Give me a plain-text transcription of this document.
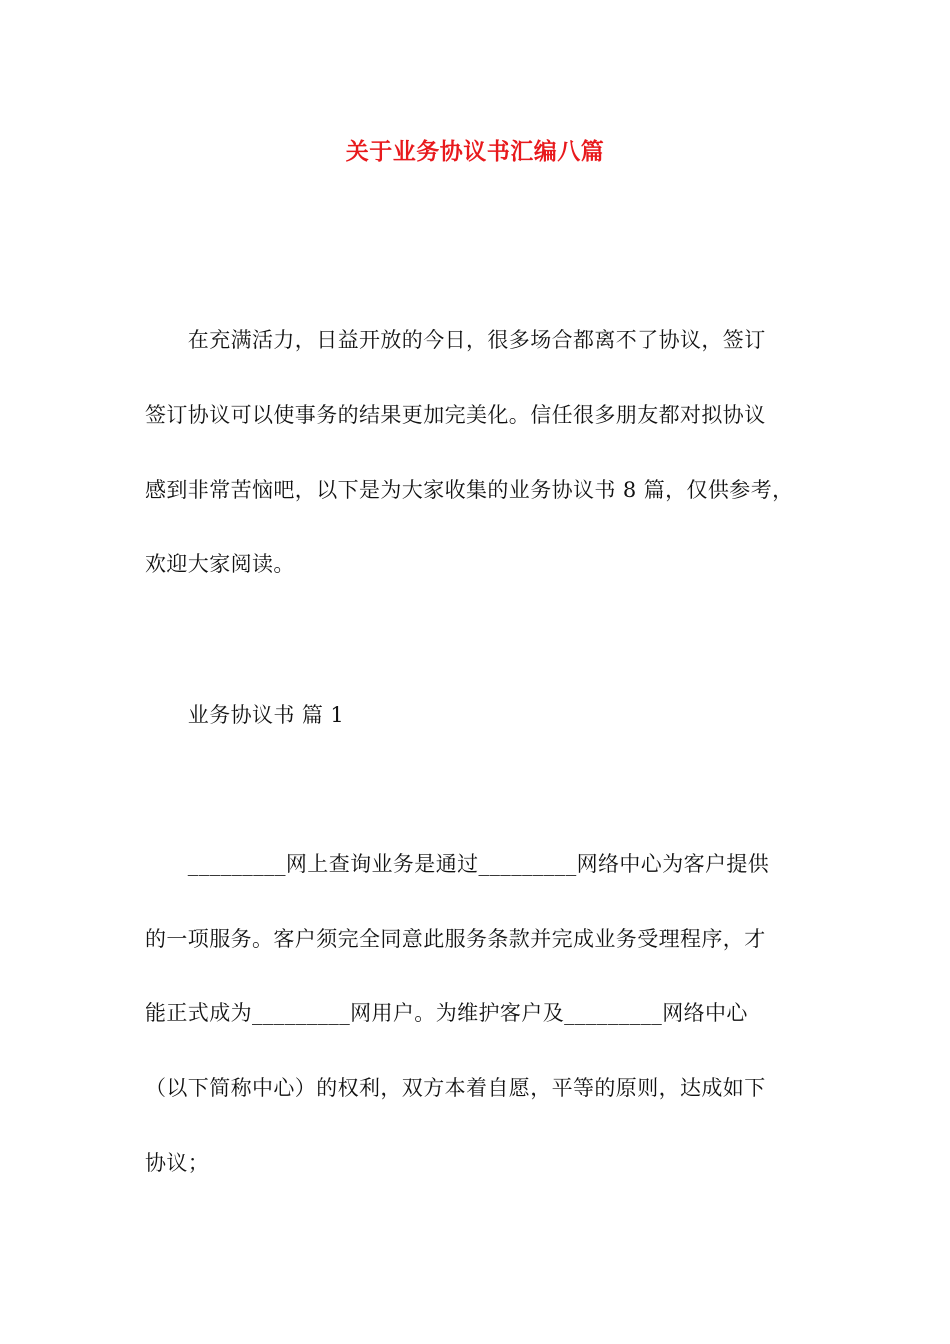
关于业务协议书汇编八篇
　　在充满活力，日益开放的今日，很多场合都离不了协议，签订
签订协议可以使事务的结果更加完美化。信任很多朋友都对拟协议
感到非常苦恼吧，以下是为大家收集的业务协议书 8 篇，仅供参考，
欢迎大家阅读。
　　业务协议书 篇 1
　　_________网上查询业务是通过_________网络中心为客户提供
的一项服务。客户须完全同意此服务条款并完成业务受理程序，才
能正式成为_________网用户。为维护客户及_________网络中心
（以下简称中心）的权利，双方本着自愿，平等的原则，达成如下
协议；
